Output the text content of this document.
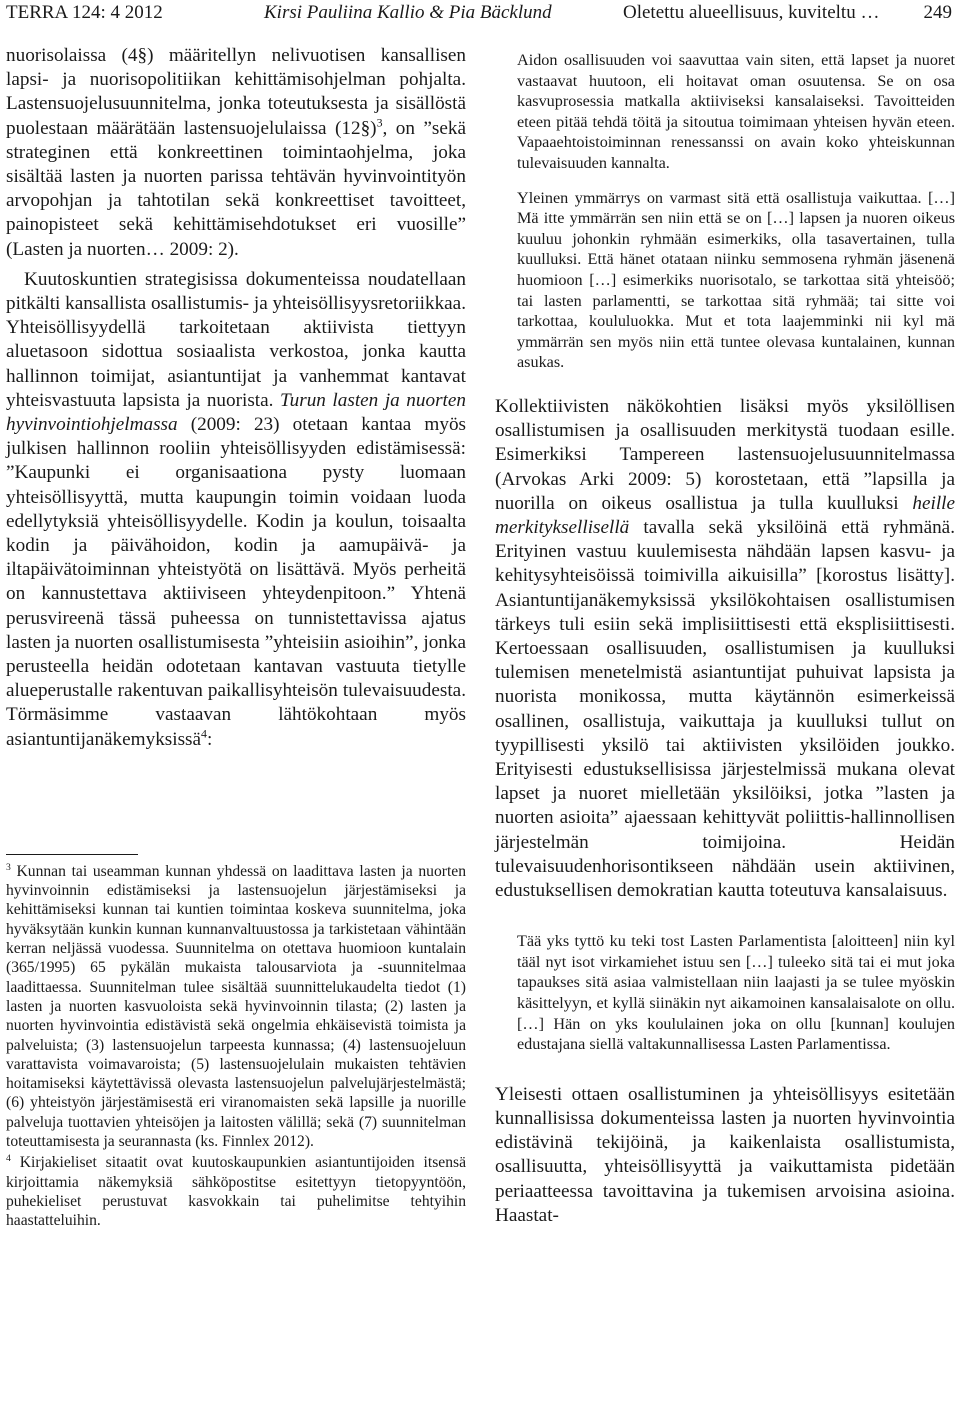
TERRA 124: 4 2012	Kirsi Pauliina Kallio & Pia Bäcklund	Oletettu alueellisuus, kuviteltu … 249

nuorisolaissa (4§) määritellyn nelivuotisen kansallisen lapsi- ja nuorisopolitiikan kehittämisohjelman pohjalta. Lastensuojelusuunnitelma, jonka toteutuksesta ja sisällöstä puolestaan määrätään lastensuojelulaissa (12§)$^3$, on ”sekä strateginen että konkreettinen toimintaohjelma, joka sisältää lasten ja nuorten parissa tehtävän hyvinvointityön arvopohjan ja tahtotilan sekä konkreettiset tavoitteet, painopisteet sekä kehittämisehdotukset eri vuosille” (Lasten ja nuorten… 2009: 2).

Kuutoskuntien strategisissa dokumenteissa noudatellaan pitkälti kansallista osallistumis- ja yhteisöllisyysretoriikkaa. Yhteisöllisyydellä tarkoitetaan aktiivista tiettyyn aluetasoon sidottua sosiaalista verkostoa, jonka kautta hallinnon toimijat, asiantuntijat ja vanhemmat kantavat yhteisvastuuta lapsista ja nuorista. Turun lasten ja nuorten hyvinvointiohjelmassa (2009: 23) otetaan kantaa myös julkisen hallinnon rooliin yhteisöllisyyden edistämisessä: ”Kaupunki ei organisaationa pysty luomaan yhteisöllisyyttä, mutta kaupungin toimin voidaan luoda edellytyksiä yhteisöllisyydelle. Kodin ja koulun, toisaalta kodin ja päivähoidon, kodin ja aamupäivä- ja iltapäivätoiminnan yhteistyötä on lisättävä. Myös perheitä on kannustettava aktiiviseen yhteydenpitoon.” Yhtenä perusvireenä tässä puheessa on tunnistettavissa ajatus lasten ja nuorten osallistumisesta ”yhteisiin asioihin”, jonka perusteella heidän odotetaan kantavan vastuuta tietylle alueperustalle rakentuvan paikallisyhteisön tulevaisuudesta. Törmäsimme vastaavan lähtökohtaan myös asiantuntijanäkemyksissä$^4$:

$^3$ Kunnan tai useamman kunnan yhdessä on laadittava lasten ja nuorten hyvinvoinnin edistämiseksi ja lastensuojelun järjestämiseksi ja kehittämiseksi kunnan tai kuntien toimintaa koskeva suunnitelma, joka hyväksytään kunkin kunnan kunnanvaltuustossa ja tarkistetaan vähintään kerran neljässä vuodessa. Suunnitelma on otettava huomioon kuntalain (365/1995) 65 pykälän mukaista talousarviota ja -suunnitelmaa laadittaessa. Suunnitelman tulee sisältää suunnittelukaudelta tiedot (1) lasten ja nuorten kasvuoloista sekä hyvinvoinnin tilasta; (2) lasten ja nuorten hyvinvointia edistävistä sekä ongelmia ehkäisevistä toimista ja palveluista; (3) lastensuojelun tarpeesta kunnassa; (4) lastensuojeluun varattavista voimavaroista; (5) lastensuojelulain mukaisten tehtävien hoitamiseksi käytettävissä olevasta lastensuojelun palvelujärjestelmästä; (6) yhteistyön järjestämisestä eri viranomaisten sekä lapsille ja nuorille palveluja tuottavien yhteisöjen ja laitosten välillä; sekä (7) suunnitelman toteuttamisesta ja seurannasta (ks. Finnlex 2012).

$^4$ Kirjakieliset sitaatit ovat kuutoskaupunkien asiantuntijoiden itsensä kirjoittamia näkemyksiä sähköpostitse esitettyyn tietopyyntöön, puhekieliset perustuvat kasvokkain tai puhelimitse tehtyihin haastatteluihin.

Aidon osallisuuden voi saavuttaa vain siten, että lapset ja nuoret vastaavat huutoon, eli hoitavat oman osuutensa. Se on osa kasvuprosessia matkalla aktiiviseksi kansalaiseksi. Tavoitteiden eteen pitää tehdä töitä ja sitoutua toimimaan yhteisen hyvän eteen. Vapaaehtoistoiminnan renessanssi on avain koko yhteiskunnan tulevaisuuden kannalta.

Yleinen ymmärrys on varmast sitä että osallistuja vaikuttaa. […] Mä itte ymmärrän sen niin että se on […] lapsen ja nuoren oikeus kuuluu johonkin ryhmään esimerkiks, olla tasavertainen, tulla kuulluksi. Että hänet otataan niinku semmosena ryhmän jäsenenä huomioon […] esimerkiks nuorisotalo, se tarkottaa sitä yhteisöö; tai lasten parlamentti, se tarkottaa sitä ryhmää; tai sitte voi tarkottaa, koululuokka. Mut et tota laajemminki nii kyl mä ymmärrän sen myös niin että tuntee olevasa kuntalainen, kunnan asukas.

Kollektiivisten näkökohtien lisäksi myös yksilöllisen osallistumisen ja osallisuuden merkitystä tuodaan esille. Esimerkiksi Tampereen lastensuojelusuunnitelmassa (Arvokas Arki 2009: 5) korostetaan, että ”lapsilla ja nuorilla on oikeus osallistua ja tulla kuulluksi heille merkityksellisellä tavalla sekä yksilöinä että ryhmänä. Erityinen vastuu kuulemisesta nähdään lapsen kasvu- ja kehitysyhteisöissä toimivilla aikuisilla” [korostus lisätty]. Asiantuntijanäkemyksissä yksilökohtaisen osallistumisen tärkeys tuli esiin sekä implisiittisesti että eksplisiittisesti. Kertoessaan osallisuuden, osallistumisen ja kuulluksi tulemisen menetelmistä asiantuntijat puhuivat lapsista ja nuorista monikossa, mutta käytännön esimerkeissä osallinen, osallistuja, vaikuttaja ja kuulluksi tullut on tyypillisesti yksilö tai aktiivisten yksilöiden joukko. Erityisesti edustuksellisissa järjestelmissä mukana olevat lapset ja nuoret mielletään yksilöiksi, jotka ”lasten ja nuorten asioita” ajaessaan kehittyvät poliittis-hallinnollisen järjestelmän toimijoina. Heidän tulevaisuudenhorisontikseen nähdään usein aktiivinen, edustuksellisen demokratian kautta toteutuva kansalaisuus.

Tää yks tyttö ku teki tost Lasten Parlamentista [aloitteen] niin kyl tääl nyt isot virkamiehet istuu sen […] tuleeko sitä tai ei mut joka tapaukses sitä asiaa valmistellaan niin laajasti ja se tulee myöskin käsittelyyn, et kyllä siinäkin nyt aikamoinen kansalaisalote on ollu. […] Hän on yks koululainen joka on ollu [kunnan] koulujen edustajana siellä valtakunnallisessa Lasten Parlamentissa.

Yleisesti ottaen osallistuminen ja yhteisöllisyys esitetään kunnallisissa dokumenteissa lasten ja nuorten hyvinvointia edistävinä tekijöinä, ja kaikenlaista osallistumista, osallisuutta, yhteisöllisyyttä ja vaikuttamista pidetään periaatteessa tavoittavina ja tukemisen arvoisina asioina. Haastat-
